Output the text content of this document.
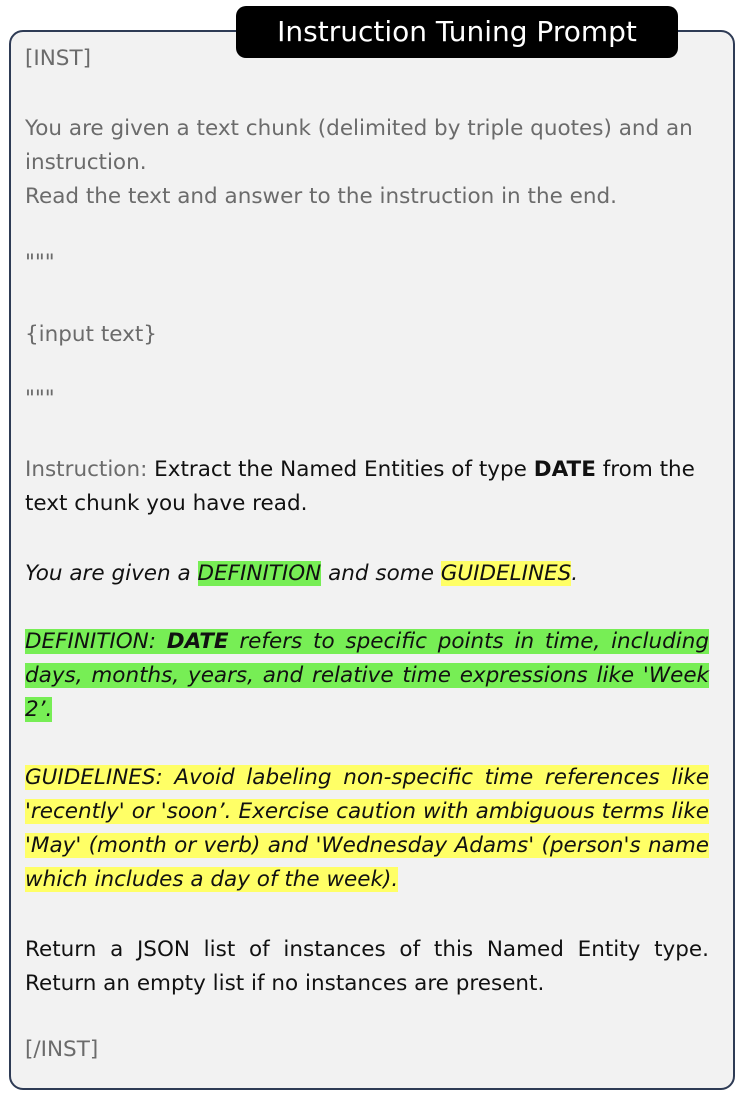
Instruction Tuning Prompt

[INST]

You are given a text chunk (delimited by triple quotes) and an instruction.

Read the text and answer to the instruction in the end.

"""

{input text}

"""

Instruction: Extract the Named Entities of type DATE from the text chunk you have read.

You are given a DEFINITION and some GUIDELINES.

DEFINITION: DATE refers to specific points in time, including days, months, years, and relative time expressions like 'Week 2’.

GUIDELINES: Avoid labeling non-specific time references like 'recently' or 'soon’. Exercise caution with ambiguous terms like 'May' (month or verb) and 'Wednesday Adams' (person's name which includes a day of the week).

Return a JSON list of instances of this Named Entity type. Return an empty list if no instances are present.

[/INST]
